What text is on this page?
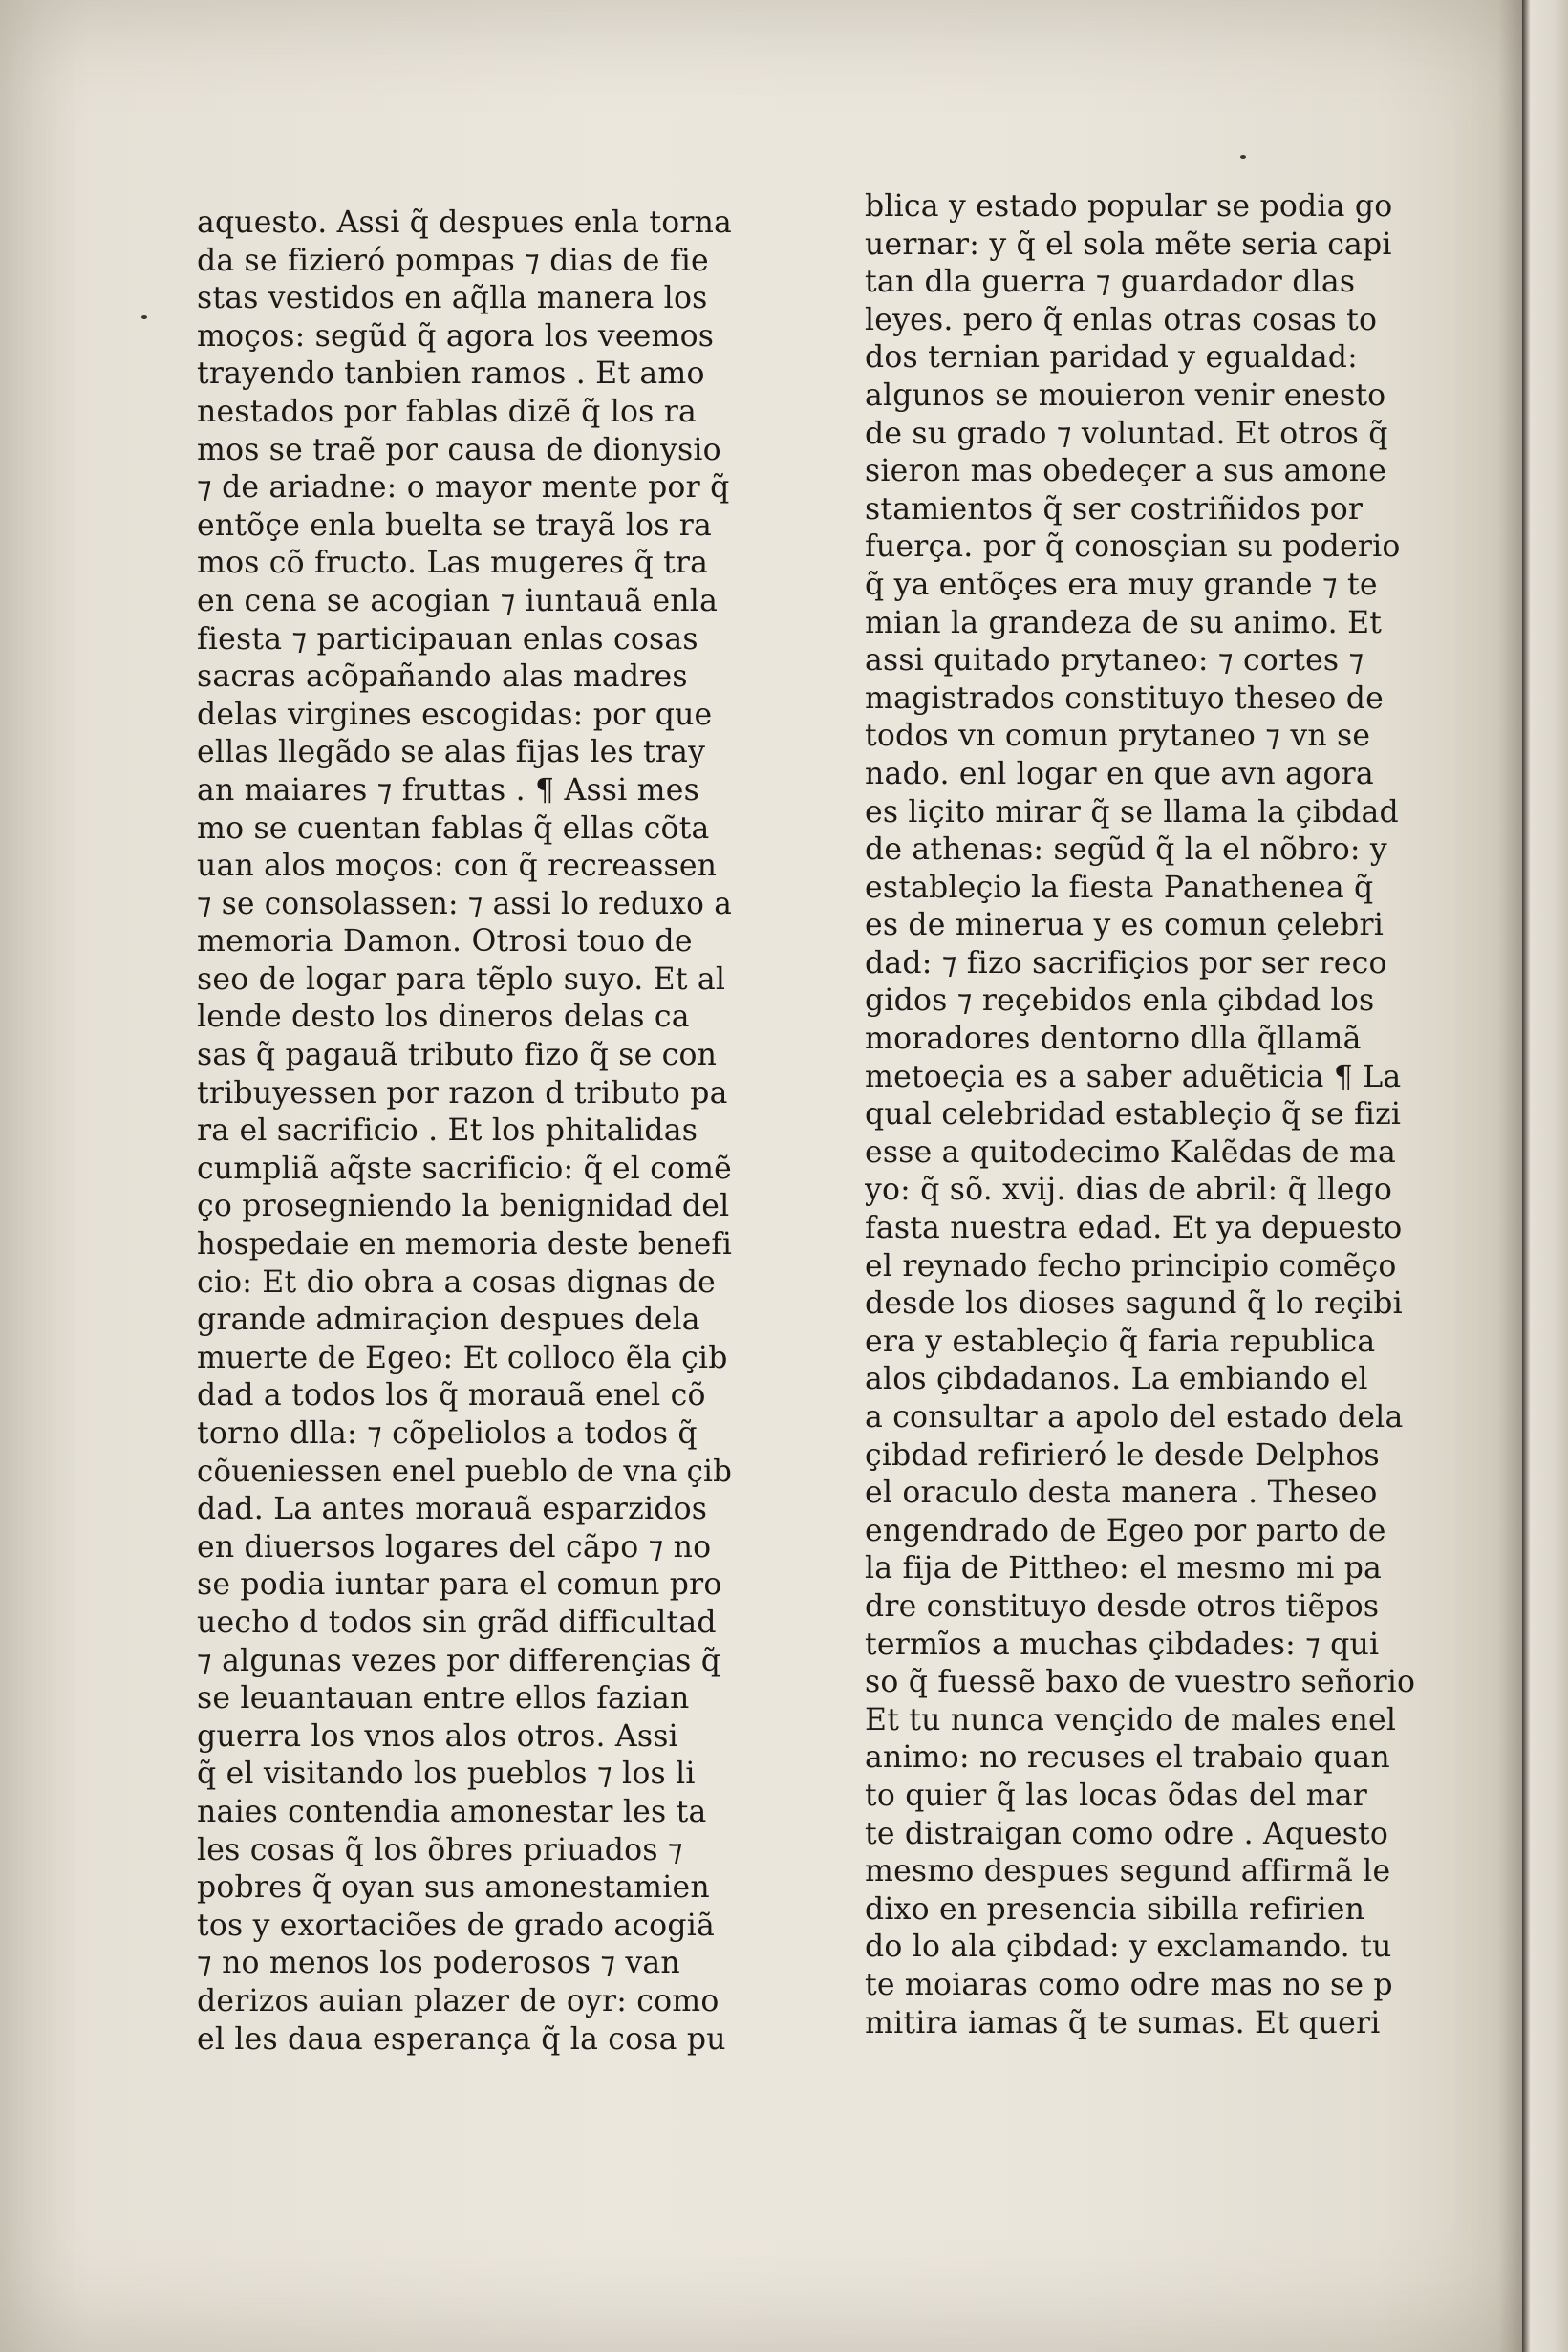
aquesto. Assi q̃ despues enla torna
da se fizieró pompas ⁊ dias de fie
stas vestidos en aq̃lla manera los
moços: segũd q̃ agora los veemos
trayendo tanbien ramos . Et amo
nestados por fablas dizẽ q̃ los ra
mos se traẽ por causa de dionysio
⁊ de ariadne: o mayor mente por q̃
entõçe enla buelta se trayã los ra
mos cõ fructo. Las mugeres q̃ tra
en cena se acogian ⁊ iuntauã enla
fiesta ⁊ participauan enlas cosas
sacras acõpañando alas madres
delas virgines escogidas: por que
ellas llegãdo se alas fijas les tray
an maiares ⁊ fruttas . ¶ Assi mes
mo se cuentan fablas q̃ ellas cõta
uan alos moços: con q̃ recreassen
⁊ se consolassen: ⁊ assi lo reduxo a
memoria Damon. Otrosi touo de
seo de logar para tẽplo suyo. Et al
lende desto los dineros delas ca
sas q̃ pagauã tributo fizo q̃ se con
tribuyessen por razon d tributo pa
ra el sacrificio . Et los phitalidas
cumpliã aq̃ste sacrificio: q̃ el comẽ
ço prosegniendo la benignidad del
hospedaie en memoria deste benefi
cio: Et dio obra a cosas dignas de
grande admiraçion despues dela
muerte de Egeo: Et colloco ẽla çib
dad a todos los q̃ morauã enel cõ
torno dlla: ⁊ cõpeliolos a todos q̃
cõueniessen enel pueblo de vna çib
dad. La antes morauã esparzidos
en diuersos logares del cãpo ⁊ no
se podia iuntar para el comun pro
uecho d todos sin grãd difficultad
⁊ algunas vezes por differençias q̃
se leuantauan entre ellos fazian
guerra los vnos alos otros. Assi
q̃ el visitando los pueblos ⁊ los li
naies contendia amonestar les ta
les cosas q̃ los õbres priuados ⁊
pobres q̃ oyan sus amonestamien
tos y exortaciões de grado acogiã
⁊ no menos los poderosos ⁊ van
derizos auian plazer de oyr: como
el les daua esperança q̃ la cosa pu
blica y estado popular se podia go
uernar: y q̃ el sola mẽte seria capi
tan dla guerra ⁊ guardador dlas
leyes. pero q̃ enlas otras cosas to
dos ternian paridad y egualdad:
algunos se mouieron venir enesto
de su grado ⁊ voluntad. Et otros q̃
sieron mas obedeçer a sus amone
stamientos q̃ ser costriñidos por
fuerça. por q̃ conosçian su poderio
q̃ ya entõçes era muy grande ⁊ te
mian la grandeza de su animo. Et
assi quitado prytaneo: ⁊ cortes ⁊
magistrados constituyo theseo de
todos vn comun prytaneo ⁊ vn se
nado. enl logar en que avn agora
es liçito mirar q̃ se llama la çibdad
de athenas: segũd q̃ la el nõbro: y
estableçio la fiesta Panathenea q̃
es de minerua y es comun çelebri
dad: ⁊ fizo sacrifiçios por ser reco
gidos ⁊ reçebidos enla çibdad los
moradores dentorno dlla q̃llamã
metoeçia es a saber aduẽticia ¶ La
qual celebridad estableçio q̃ se fizi
esse a quitodecimo Kalẽdas de ma
yo: q̃ sõ. xvij. dias de abril: q̃ llego
fasta nuestra edad. Et ya depuesto
el reynado fecho principio comẽço
desde los dioses sagund q̃ lo reçibi
era y estableçio q̃ faria republica
alos çibdadanos. La embiando el
a consultar a apolo del estado dela
çibdad refirieró le desde Delphos
el oraculo desta manera . Theseo
engendrado de Egeo por parto de
la fija de Pittheo: el mesmo mi pa
dre constituyo desde otros tiẽpos
termĩos a muchas çibdades: ⁊ qui
so q̃ fuessẽ baxo de vuestro señorio
Et tu nunca vençido de males enel
animo: no recuses el trabaio quan
to quier q̃ las locas õdas del mar
te distraigan como odre . Aquesto
mesmo despues segund affirmã le
dixo en presencia sibilla refirien
do lo ala çibdad: y exclamando. tu
te moiaras como odre mas no se p
mitira iamas q̃ te sumas. Et queri
